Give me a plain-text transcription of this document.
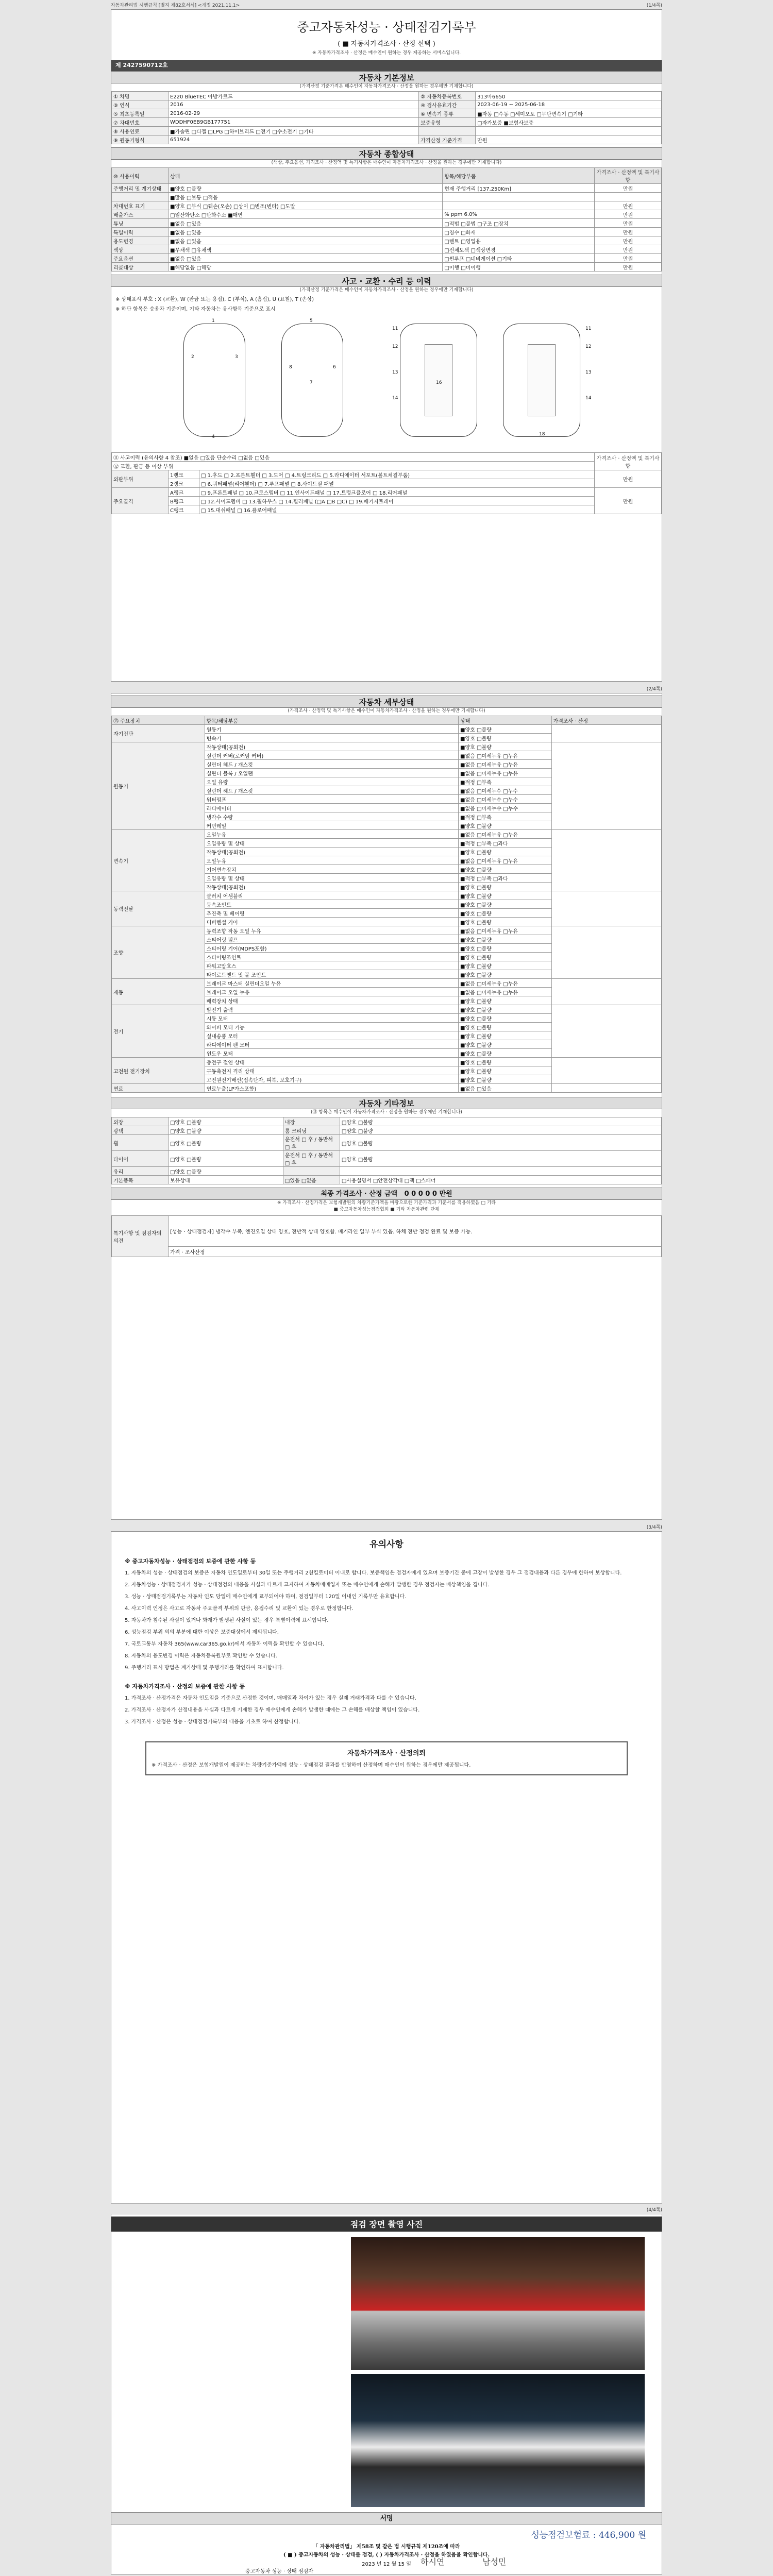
자동차관리법 시행규칙 [별지 제82호서식] <개정 2021.11.1>	(1/4쪽)
중고자동차성능 · 상태점검기록부
( ■ 자동차가격조사 · 산정 선택 )
※ 자동차가격조사 · 산정은 매수인이 원하는 경우 제공하는 서비스입니다.
제 2427590712호
자동차 기본정보
(가격산정 기준가격은 매수인이 자동차가격조사 · 산정을 원하는 경우에만 기재합니다)
① 차명	E220 BlueTEC 아방가르드	② 자동차등록번호	313마6650
③ 연식	2016	④ 검사유효기간	2023-06-19 ~ 2025-06-18
⑤ 최초등록일	2016-02-29	⑥ 변속기 종류	■자동 □수동 □세미오토 □무단변속기 □기타
⑦ 차대번호	WDDHF0EB9GB177751	보증유형	□자가보증 ■보험사보증
⑧ 사용연료	■가솔린 □디젤 □LPG □하이브리드 □전기 □수소전기 □기타		
⑨ 원동기형식	651924	가격산정 기준가격	만원
자동차 종합상태
(색상, 주요옵션, 가격조사 · 산정액 및 특기사항은 매수인이 자동차가격조사 · 산정을 원하는 경우에만 기재합니다)
⑩ 사용이력	상태	항목/해당부품	가격조사 · 산정액 및 특기사항
주행거리 및 계기상태	■양호 □불량	현재 주행거리 [137,250Km]	만원
	■많음 □보통 □적음		
차대번호 표기	■양호 □부식 □훼손(오손) □상이 □변조(변타) □도말		만원
배출가스	□일산화탄소 □탄화수소 ■매연	% ppm 6.0%	만원
튜닝	■없음 □있음	□적법 □불법 □구조 □장치	만원
특별이력	■없음 □있음	□침수 □화재	만원
용도변경	■없음 □있음	□렌트 □영업용	만원
색상	■무채색 □유채색	□전체도색 □색상변경	만원
주요옵션	■없음 □있음	□썬루프 □네비게이션 □기타	만원
리콜대상	■해당없음 □해당	□이행 □미이행	만원
사고 · 교환 · 수리 등 이력
(가격산정 기준가격은 매수인이 자동차가격조사 · 산정을 원하는 경우에만 기재합니다)
※ 상태표시 부호 : X (교환), W (판금 또는 용접), C (부식), A (흠집), U (요철), T (손상)
※ 하단 항목은 승용차 기준이며, 기타 자동차는 유사항목 기준으로 표시
1
2	3
4
5
7
8	6
11
12
13
14
16
11
12
13
14
18
⑪ 사고이력 (유의사항 4 참조) ■없음 □있음 단순수리 □없음 □있음			가격조사 · 산정액 및 특기사항
⑫ 교환, 판금 등 이상 부위			
외판부위	1랭크	□ 1.후드 □ 2.프론트휀더 □ 3.도어 □ 4.트렁크리드 □ 5.라디에이터 서포트(볼트체결부품)	만원
	2랭크	□ 6.쿼터패널(리어휀더) □ 7.루프패널 □ 8.사이드실 패널	
주요골격	A랭크	□ 9.프론트패널 □ 10.크로스멤버 □ 11.인사이드패널 □ 17.트렁크플로어 □ 18.리어패널	만원
	B랭크	□ 12.사이드멤버 □ 13.휠하우스 □ 14.필러패널 (□A □B □C) □ 19.패키지트레이	
	C랭크	□ 15.대쉬패널 □ 16.플로어패널	
(2/4쪽)
자동차 세부상태
(가격조사 · 산정액 및 특기사항은 매수인이 자동차가격조사 · 산정을 원하는 경우에만 기재합니다)
⑬ 주요장치	항목/해당부품	상태	가격조사 · 산정
자기진단	원동기	■양호 □불량	
	변속기	■양호 □불량	
원동기	작동상태(공회전)	■양호 □불량	
	실린더 커버(로커암 커버)	■없음 □미세누유 □누유	
	실린더 헤드 / 개스킷	■없음 □미세누유 □누유	
	실린더 블록 / 오일팬	■없음 □미세누유 □누유	
	오일 유량	■적정 □부족	
	실린더 헤드 / 개스킷	■없음 □미세누수 □누수	
	워터펌프	■없음 □미세누수 □누수	
	라디에이터	■없음 □미세누수 □누수	
	냉각수 수량	■적정 □부족	
	커먼레일	■양호 □불량	
변속기	오일누유	■없음 □미세누유 □누유	
	오일유량 및 상태	■적정 □부족 □과다	
	작동상태(공회전)	■양호 □불량	
	오일누유	■없음 □미세누유 □누유	
	기어변속장치	■양호 □불량	
	오일유량 및 상태	■적정 □부족 □과다	
	작동상태(공회전)	■양호 □불량	
동력전달	클러치 어셈블리	■양호 □불량	
	등속조인트	■양호 □불량	
	추진축 및 베어링	■양호 □불량	
	디퍼렌셜 기어	■양호 □불량	
조향	동력조향 작동 오일 누유	■없음 □미세누유 □누유	
	스티어링 펌프	■양호 □불량	
	스티어링 기어(MDPS포함)	■양호 □불량	
	스티어링조인트	■양호 □불량	
	파워고압호스	■양호 □불량	
	타이로드엔드 및 볼 조인트	■양호 □불량	
제동	브레이크 마스터 실린더오일 누유	■없음 □미세누유 □누유	
	브레이크 오일 누유	■없음 □미세누유 □누유	
	배력장치 상태	■양호 □불량	
전기	발전기 출력	■양호 □불량	
	시동 모터	■양호 □불량	
	와이퍼 모터 기능	■양호 □불량	
	실내송풍 모터	■양호 □불량	
	라디에이터 팬 모터	■양호 □불량	
	윈도우 모터	■양호 □불량	
고전원 전기장치	충전구 절연 상태	■양호 □불량	
	구동축전지 격리 상태	■양호 □불량	
	고전원전기배선(접속단자, 피복, 보호기구)	■양호 □불량	
연료	연료누출(LP가스포함)	■없음 □있음	
자동차 기타정보
(⑭ 항목은 매수인이 자동차가격조사 · 산정을 원하는 경우에만 기재합니다)
외장	□양호 □불량	내장	□양호 □불량
광택	□양호 □불량	룸 크리닝	□양호 □불량
휠	□양호 □불량	운전석 □ 후 / 동반석 □ 후	□양호 □불량
타이어	□양호 □불량	운전석 □ 후 / 동반석 □ 후	□양호 □불량
유리	□양호 □불량		
기본품목	보유상태	□있음 □없음	□사용설명서 □안전삼각대 □잭 □스패너
최종 가격조사 · 산정 금액 0 0 0 0 0 만원
※ 가격조사 · 산정가격은 보험개발원의 차량기준가액을 바탕으로한 기준가격과 기준서를 적용하였음 □ 기타
■ 중고자동차성능점검협회 ■ 기타 자동차관련 단체
특기사항 및 점검자의 의견	[성능 · 상태점검자] 냉각수 부족, 엔진오일 상태 양호, 전반적 상태 양호함. 배기라인 일부 부식 있음. 하체 전반 점검 완료 및 보증 가능.
가격 · 조사산정
(3/4쪽)
유의사항
※ 중고자동차성능 · 상태점검의 보증에 관한 사항 등
1. 자동차의 성능 · 상태점검의 보증은 자동차 인도일로부터 30일 또는 주행거리 2천킬로미터 이내로 합니다. 보증책임은 점검자에게 있으며 보증기간 중에 고장이 발생한 경우 그 점검내용과 다른 경우에 한하여 보상합니다.
2. 자동차성능 · 상태점검자가 성능 · 상태점검의 내용을 사실과 다르게 고지하여 자동차매매업자 또는 매수인에게 손해가 발생한 경우 점검자는 배상책임을 집니다.
3. 성능 · 상태점검기록부는 자동차 인도 당일에 매수인에게 교부되어야 하며, 점검일부터 120일 이내인 기록부만 유효합니다.
4. 사고이력 인정은 사고로 자동차 주요골격 부위의 판금, 용접수리 및 교환이 있는 경우로 한정합니다.
5. 자동차가 침수된 사실이 있거나 화재가 발생된 사실이 있는 경우 특별이력에 표시합니다.
6. 성능점검 부위 외의 부분에 대한 이상은 보증대상에서 제외됩니다.
7. 국토교통부 자동차 365(www.car365.go.kr)에서 자동차 이력을 확인할 수 있습니다.
8. 자동차의 용도변경 이력은 자동차등록원부로 확인할 수 있습니다.
9. 주행거리 표시 방법은 계기상태 및 주행거리를 확인하여 표시합니다.
※ 자동차가격조사 · 산정의 보증에 관한 사항 등
1. 가격조사 · 산정가격은 자동차 인도일을 기준으로 산정한 것이며, 매매일과 차이가 있는 경우 실제 거래가격과 다를 수 있습니다.
2. 가격조사 · 산정자가 산정내용을 사실과 다르게 기재한 경우 매수인에게 손해가 발생한 때에는 그 손해를 배상할 책임이 있습니다.
3. 가격조사 · 산정은 성능 · 상태점검기록부의 내용을 기초로 하여 산정합니다.
자동차가격조사 · 산정의뢰
※ 가격조사 · 산정은 보험개발원이 제공하는 차량기준가액에 성능 · 상태점검 결과를 반영하여 산정하며 매수인이 원하는 경우에만 제공됩니다.
(4/4쪽)
점검 장면 촬영 사진
서명
성능점검보험료 : 446,900 원
「 자동차관리법」 제58조 및 같은 법 시행규칙 제120조에 따라
( ■ ) 중고자동차의 성능 · 상태를 점검, ( ) 자동차가격조사 · 산정을 하였음을 확인합니다.
2023 년 12 월 15 일
중고자동차 성능 · 상태 점검자
하시연	남성민
